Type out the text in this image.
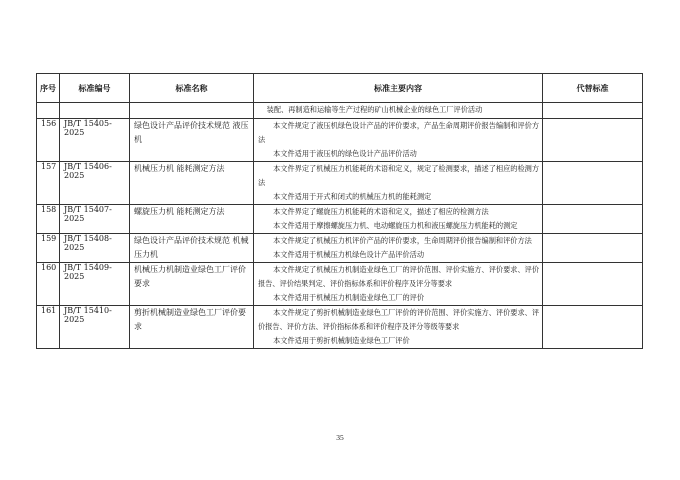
序号	标准编号	标准名称	标准主要内容	代替标准

			装配、再制造和运输等生产过程的矿山机械企业的绿色工厂评价活动	

156	JB/T 15405-2025	绿色设计产品评价技术规范 液压机	本文件规定了液压机绿色设计产品的评价要求，产品生命周期评价报告编制和评价方法

本文件适用于液压机的绿色设计产品评价活动	

157	JB/T 15406-2025	机械压力机 能耗测定方法	本文件界定了机械压力机能耗的术语和定义，规定了检测要求，描述了相应的检测方法

本文件适用于开式和闭式的机械压力机的能耗测定	

158	JB/T 15407-2025	螺旋压力机 能耗测定方法	本文件界定了螺旋压力机能耗的术语和定义，描述了相应的检测方法

本文件适用于摩擦螺旋压力机、电动螺旋压力机和液压螺旋压力机能耗的测定	

159	JB/T 15408-2025	绿色设计产品评价技术规范 机械压力机	本文件规定了机械压力机评价产品的评价要求，生命周期评价报告编制和评价方法

本文件适用于机械压力机绿色设计产品评价活动	

160	JB/T 15409-2025	机械压力机制造业绿色工厂评价要求	本文件规定了机械压力机制造业绿色工厂的评价范围、评价实施方、评价要求、评价报告、评价结果判定、评价指标体系和评价程序及评分等要求

本文件适用于机械压力机制造业绿色工厂的评价	

161	JB/T 15410-2025	剪折机械制造业绿色工厂评价要求	本文件规定了剪折机械制造业绿色工厂评价的评价范围、评价实施方、评价要求、评价报告、评价方法、评价指标体系和评价程序及评分等级等要求

本文件适用于剪折机械制造业绿色工厂评价	

35
